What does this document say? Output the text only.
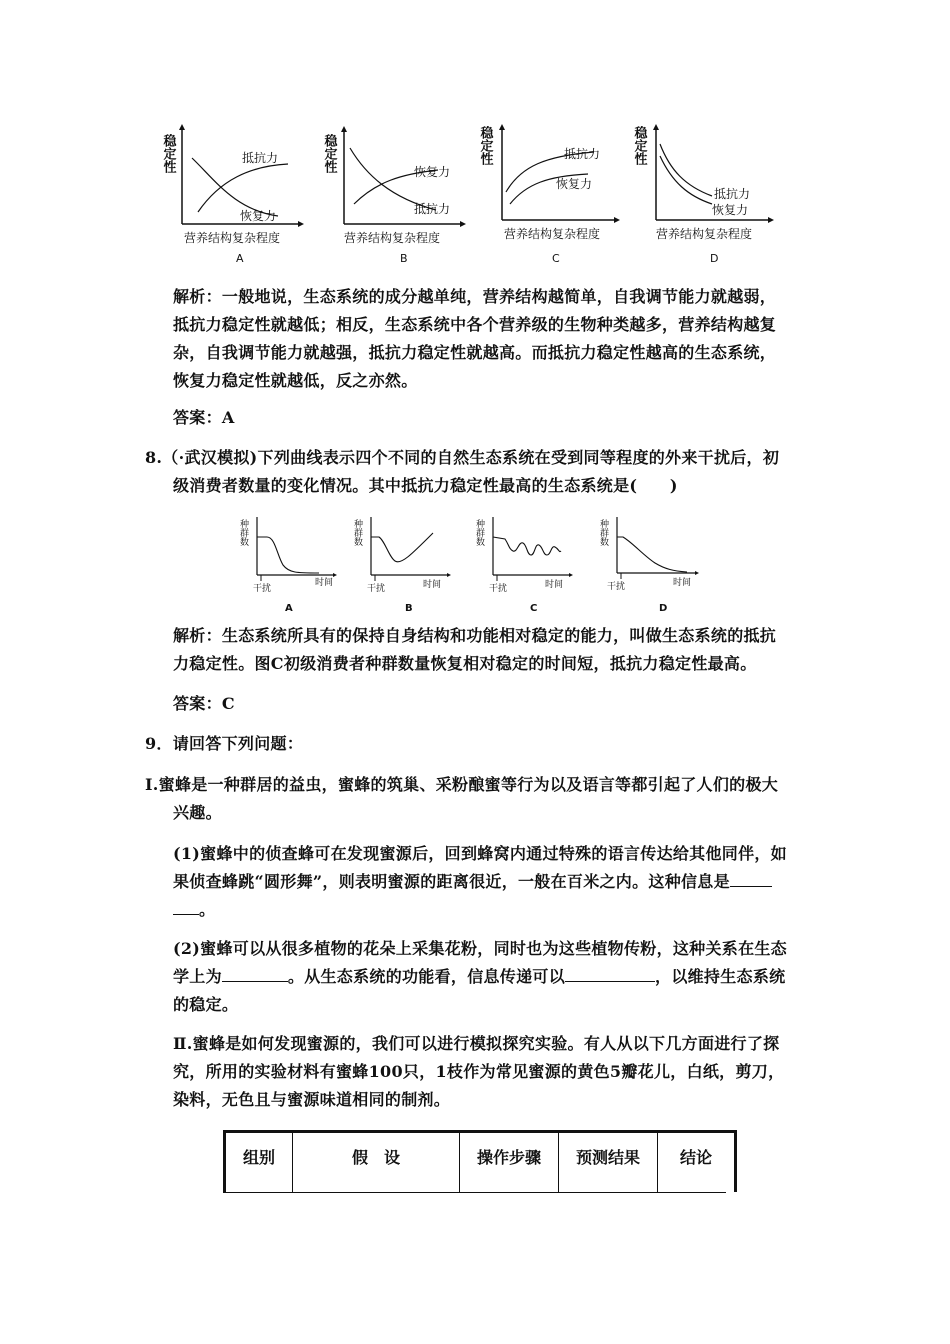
稳定性	抵抗力
恢复力
营养结构复杂程度
A
稳定性	恢复力
抵抗力
营养结构复杂程度
B
稳定性	抵抗力
恢复力
营养结构复杂程度
C
稳定性
抵抗力
恢复力
营养结构复杂程度
D
解析：一般地说，生态系统的成分越单纯，营养结构越简单，自我调节能力就越弱，
抵抗力稳定性就越低；相反，生态系统中各个营养级的生物种类越多，营养结构越复
杂，自我调节能力就越强，抵抗力稳定性就越高。而抵抗力稳定性越高的生态系统，
恢复力稳定性就越低，反之亦然。
答案：A
8.（·武汉模拟)下列曲线表示四个不同的自然生态系统在受到同等程度的外来干扰后，初
级消费者数量的变化情况。其中抵抗力稳定性最高的生态系统是(　　)
种群数
干扰
时间
A
种群数
干扰	时间
B
种群数
干扰	时间
C
种群数
干扰	时间
D
解析：生态系统所具有的保持自身结构和功能相对稳定的能力，叫做生态系统的抵抗
力稳定性。图C初级消费者种群数量恢复相对稳定的时间短，抵抗力稳定性最高。
答案：C
9．请回答下列问题：
Ⅰ.蜜蜂是一种群居的益虫，蜜蜂的筑巢、采粉酿蜜等行为以及语言等都引起了人们的极大
兴趣。
(1)蜜蜂中的侦查蜂可在发现蜜源后，回到蜂窝内通过特殊的语言传达给其他同伴，如
果侦查蜂跳“圆形舞”，则表明蜜源的距离很近，一般在百米之内。这种信息是
。
(2)蜜蜂可以从很多植物的花朵上采集花粉，同时也为这些植物传粉，这种关系在生态
学上为	。从生态系统的功能看，信息传递可以	，以维持生态系统
的稳定。
Ⅱ.蜜蜂是如何发现蜜源的，我们可以进行模拟探究实验。有人从以下几方面进行了探
究，所用的实验材料有蜜蜂100只，1枝作为常见蜜源的黄色5瓣花儿，白纸，剪刀，
染料，无色且与蜜源味道相同的制剂。
组别	假　设	操作步骤	预测结果	结论
